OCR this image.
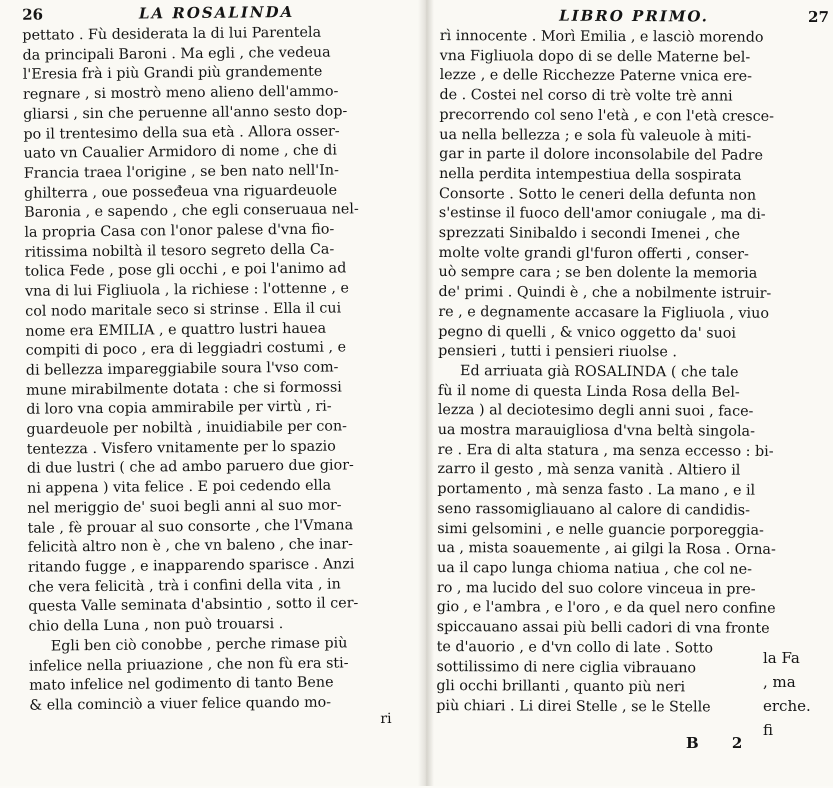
26	LA ROSALINDA
pettato . Fù desiderata la di lui Parentela
da principali Baroni . Ma egli , che vedeua
l'Eresia frà i più Grandi più grandemente
regnare , si mostrò meno alieno dell'ammo-
gliarsi , sin che peruenne all'anno sesto dop-
po il trentesimo della sua età . Allora osser-
uato vn Caualier Armidoro di nome , che di
Francia traea l'origine , se ben nato nell'In-
ghilterra , oue posseđeua vna riguardeuole
Baronia , e sapendo , che egli conseruaua nel-
la propria Casa con l'onor palese d'vna fio-
ritissima nobiltà il tesoro segreto della Ca-
tolica Fede , pose gli occhi , e poi l'animo ad
vna di lui Figliuola , la richiese : l'ottenne , e
col nodo maritale seco si strinse . Ella il cui
nome era EMILIA , e quattro lustri hauea
compiti di poco , era di leggiadri costumi , e
di bellezza impareggiabile soura l'vso com-
mune mirabilmente dotata : che si formossi
di loro vna copia ammirabile per virtù , ri-
guardeuole per nobiltà , inuidiabile per con-
tentezza . Visfero vnitamente per lo spazio
di due lustri ( che ad ambo paruero due gior-
ni appena ) vita felice . E poi cedendo ella
nel meriggio de' suoi begli anni al suo mor-
tale , fè prouar al suo consorte , che l'Vmana
felicità altro non è , che vn baleno , che inar-
ritando fugge , e inapparendo sparisce . Anzi
che vera felicità , trà i confini della vita , in
questa Valle seminata d'absintio , sotto il cer-
chio della Luna , non può trouarsi .
Egli ben ciò conobbe , perche rimase più
infelice nella priuazione , che non fù era sti-
mato infelice nel godimento di tanto Bene
& ella cominciò a viuer felice quando mo-
ri
LIBRO PRIMO.	27
rì innocente . Morì Emilia , e lasciò morendo
vna Figliuola dopo di se delle Materne bel-
lezze , e delle Ricchezze Paterne vnica ere-
de . Costei nel corso di trè volte trè anni
precorrendo col seno l'età , e con l'età cresce-
ua nella bellezza ; e sola fù valeuole à miti-
gar in parte il dolore inconsolabile del Padre
nella perdita intempestiua della sospirata
Consorte . Sotto le ceneri della defunta non
s'estinse il fuoco dell'amor coniugale , ma di-
sprezzati Sinibaldo i secondi Imenei , che
molte volte grandi gl'furon offerti , conser-
uò sempre cara ; se ben dolente la memoria
de' primi . Quindi è , che a nobilmente istruir-
re , e degnamente accasare la Figliuola , viuo
pegno di quelli , & vnico oggetto da' suoi
pensieri , tutti i pensieri riuolse .
Ed arriuata già ROSALINDA ( che tale
fù il nome di questa Linda Rosa della Bel-
lezza ) al deciotesimo degli anni suoi , face-
ua mostra marauigliosa d'vna beltà singola-
re . Era di alta statura , ma senza eccesso : bi-
zarro il gesto , mà senza vanità . Altiero il
portamento , mà senza fasto . La mano , e il
seno rassomigliauano al calore di candidis-
simi gelsomini , e nelle guancie porporeggia-
ua , mista soauemente , ai gilgi la Rosa . Orna-
ua il capo lunga chioma natiua , che col ne-
ro , ma lucido del suo colore vinceua in pre-
gio , e l'ambra , e l'oro , e da quel nero confine
spiccauano assai più belli cadori di vna fronte
te d'auorio , e d'vn collo di late . Sotto
sottilissimo di nere ciglia vibrauano
gli occhi brillanti , quanto più neri
più chiari . Li direi Stelle , se le Stelle
la Fa
, ma
erche.
fi
B 2
